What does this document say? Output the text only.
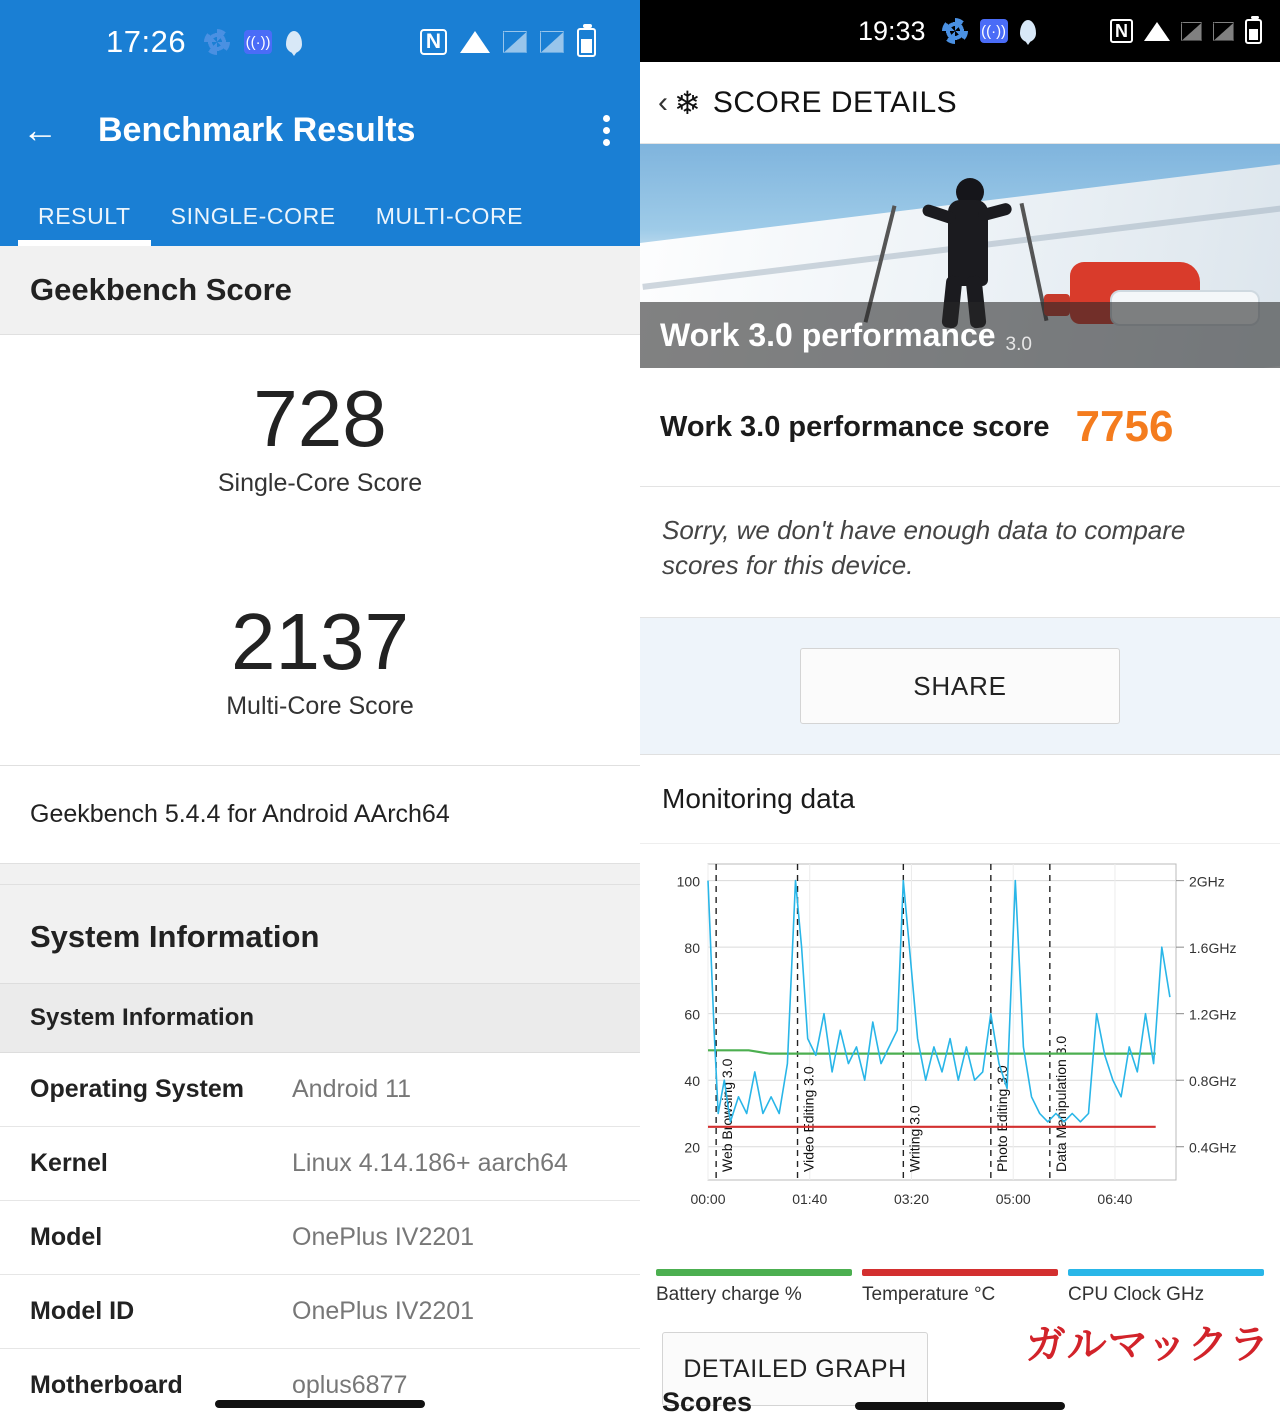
17:26	((·))	N
←	Benchmark Results
RESULT	SINGLE-CORE	MULTI-CORE
Geekbench Score
728
Single-Core Score
2137
Multi-Core Score
Geekbench 5.4.4 for Android AArch64
System Information
System Information
Operating System	Android 11
Kernel	Linux 4.14.186+ aarch64
Model	OnePlus IV2201
Model ID	OnePlus IV2201
Motherboard	oplus6877
19:33	((·))	N
‹ ❄ SCORE DETAILS
Work 3.0 performance 3.0
Work 3.0 performance score 7756
Sorry, we don't have enough data to compare scores for this device.
SHARE
Monitoring data
20
40
60
80
100
0.4GHz
0.8GHz
1.2GHz
1.6GHz
2GHz
00:00	01:40	03:20	05:00	06:40
Web Browsing 3.0	Video Editing 3.0	Writing 3.0	Photo Editing 3.0	Data Manipulation 3.0
Battery charge %	Temperature °C	CPU Clock GHz
DETAILED GRAPH
ガルマックラ
Scores
